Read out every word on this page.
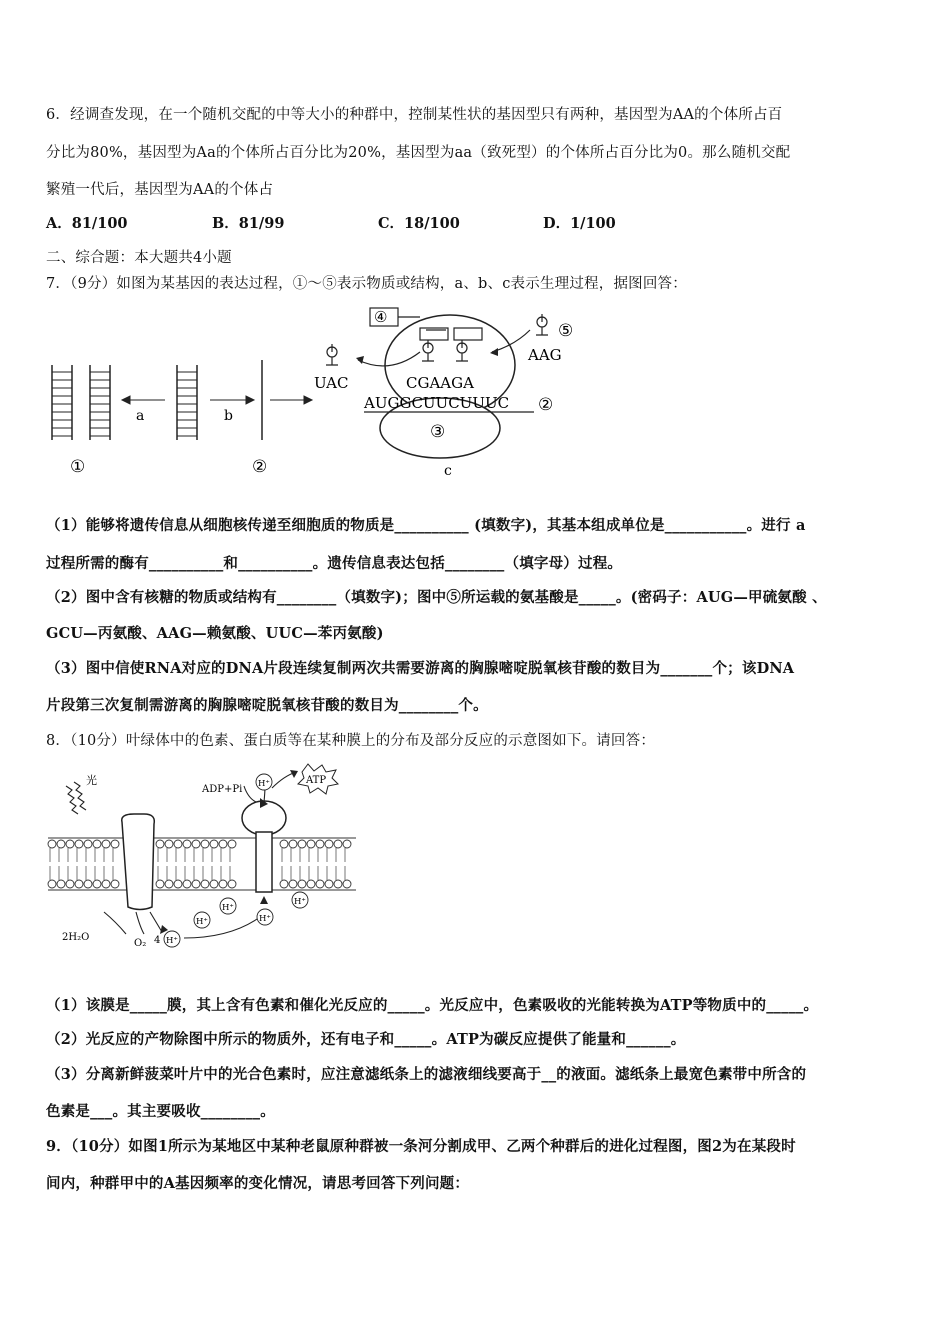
6．经调查发现，在一个随机交配的中等大小的种群中，控制某性状的基因型只有两种，基因型为AA的个体所占百
分比为80%，基因型为Aa的个体所占百分比为20%，基因型为aa（致死型）的个体所占百分比为0。那么随机交配
繁殖一代后，基因型为AA的个体占
A．81/100	B．81/99	C．18/100	D．1/100
二、综合题：本大题共4小题
7．（9分）如图为某基因的表达过程，①～⑤表示物质或结构，a、b、c表示生理过程，据图回答：
a	b
①	②
③
c
④
⑤
AAG
UAC	CGAAGA
AUGGCUUCUUUC ②
（1）能够将遗传信息从细胞核传递至细胞质的物质是__________ (填数字)，其基本组成单位是___________。进行 a
过程所需的酶有__________和__________。遗传信息表达包括________（填字母）过程。
（2）图中含有核糖的物质或结构有________（填数字)；图中⑤所运载的氨基酸是_____。(密码子：AUG—甲硫氨酸 、
GCU—丙氨酸、AAG—赖氨酸、UUC—苯丙氨酸)
（3）图中信使RNA对应的DNA片段连续复制两次共需要游离的胸腺嘧啶脱氧核苷酸的数目为_______个；该DNA
片段第三次复制需游离的胸腺嘧啶脱氧核苷酸的数目为________个。
8．（10分）叶绿体中的色素、蛋白质等在某种膜上的分布及部分反应的示意图如下。请回答：
光
ADP+Pi H⁺
H⁺
H⁺	H⁺
H⁺
H⁺
ATP
2H₂O
O₂ 4
（1）该膜是_____膜，其上含有色素和催化光反应的_____。光反应中，色素吸收的光能转换为ATP等物质中的_____。
（2）光反应的产物除图中所示的物质外，还有电子和_____。ATP为碳反应提供了能量和______。
（3）分离新鲜菠菜叶片中的光合色素时，应注意滤纸条上的滤液细线要高于__的液面。滤纸条上最宽色素带中所含的
色素是___。其主要吸收________。
9．（10分）如图1所示为某地区中某种老鼠原种群被一条河分割成甲、乙两个种群后的进化过程图，图2为在某段时
间内，种群甲中的A基因频率的变化情况，请思考回答下列问题：
